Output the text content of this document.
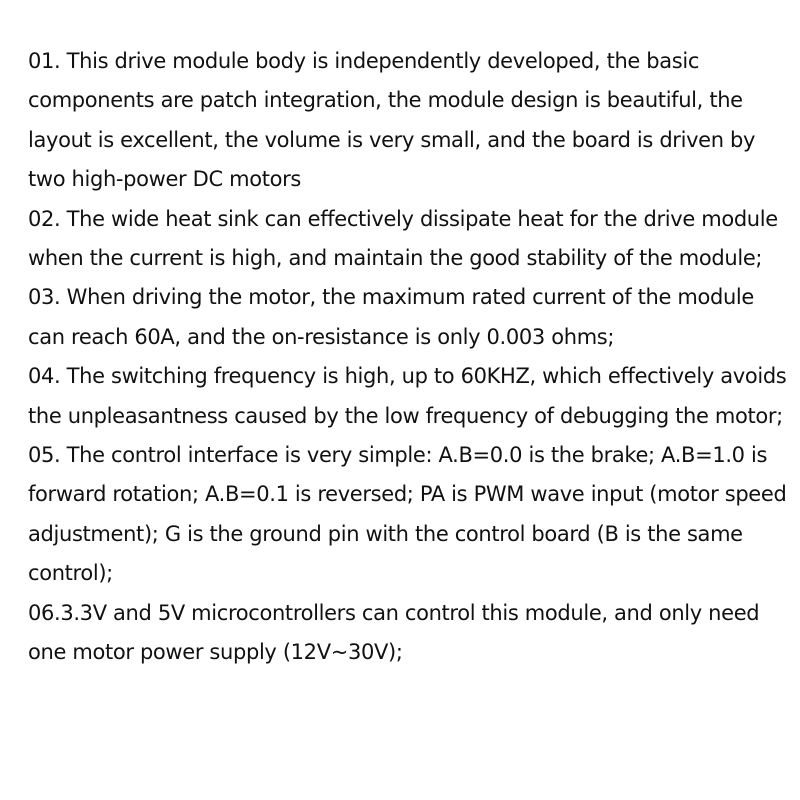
01. This drive module body is independently developed, the basic components are patch integration, the module design is beautiful, the layout is excellent, the volume is very small, and the board is driven by two high-power DC motors

02. The wide heat sink can effectively dissipate heat for the drive module when the current is high, and maintain the good stability of the module;

03. When driving the motor, the maximum rated current of the module can reach 60A, and the on-resistance is only 0.003 ohms;

04. The switching frequency is high, up to 60KHZ, which effectively avoids the unpleasantness caused by the low frequency of debugging the motor;

05. The control interface is very simple: A.B=0.0 is the brake; A.B=1.0 is forward rotation; A.B=0.1 is reversed; PA is PWM wave input (motor speed adjustment); G is the ground pin with the control board (B is the same control);

06.3.3V and 5V microcontrollers can control this module, and only need one motor power supply (12V~30V);
